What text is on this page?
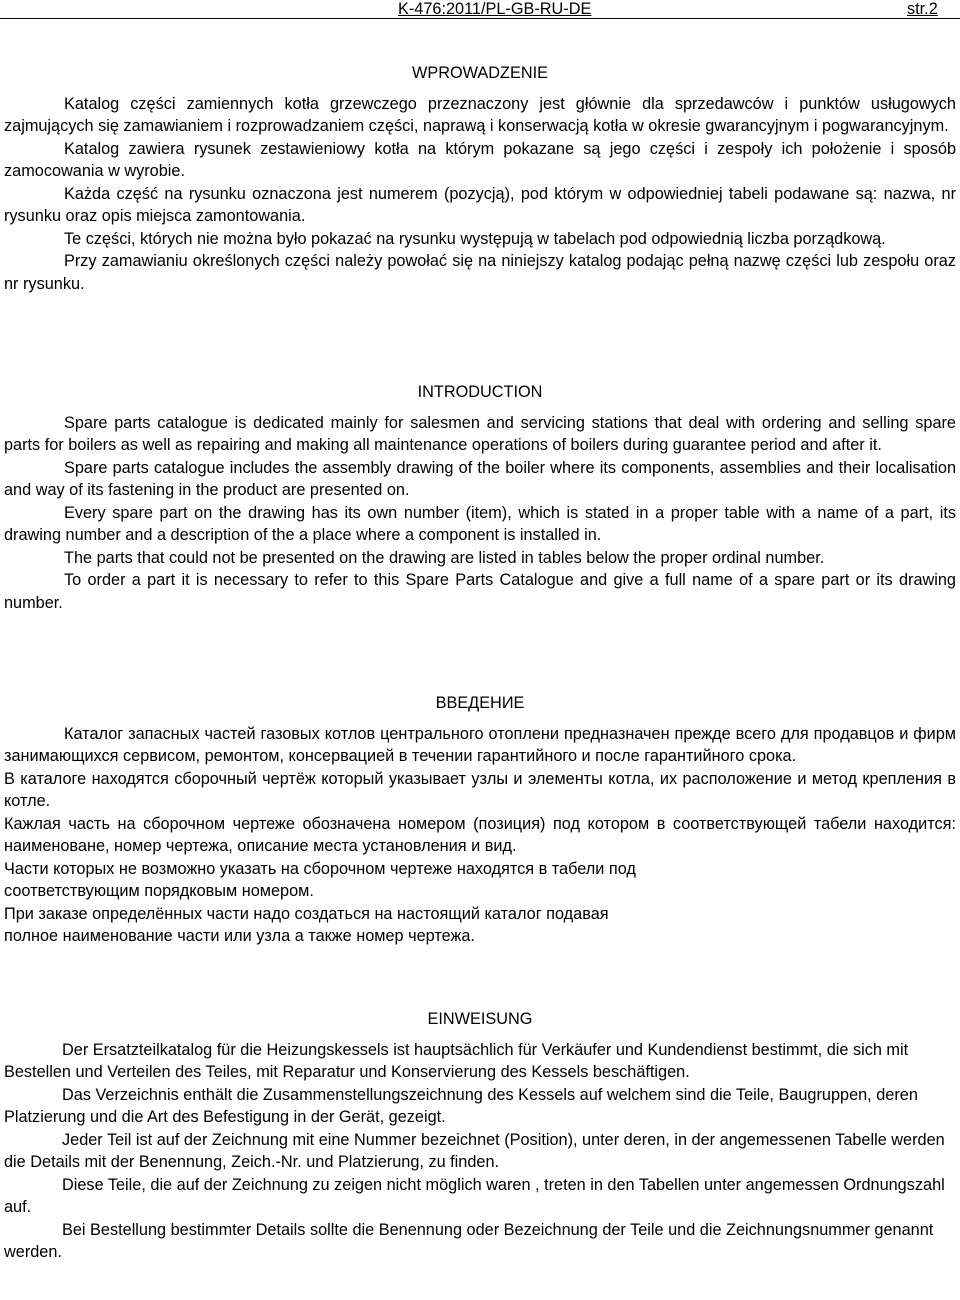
K-476:2011/PL-GB-RU-DE	str.2

WPROWADZENIE

Katalog części zamiennych kotła grzewczego przeznaczony jest głównie dla sprzedawców i punktów usługowych zajmujących się zamawianiem i rozprowadzaniem części, naprawą i konserwacją kotła w okresie gwarancyjnym i pogwarancyjnym.

Katalog zawiera rysunek zestawieniowy kotła na którym pokazane są jego części i zespoły ich położenie i sposób zamocowania w wyrobie.

Każda część na rysunku oznaczona jest numerem (pozycją), pod którym w odpowiedniej tabeli podawane są: nazwa, nr rysunku oraz opis miejsca zamontowania.

Te części, których nie można było pokazać na rysunku występują w tabelach pod odpowiednią liczba porządkową.

Przy zamawianiu określonych części należy powołać się na niniejszy katalog podając pełną nazwę części lub zespołu oraz nr rysunku.

INTRODUCTION

Spare parts catalogue is dedicated mainly for salesmen and servicing stations that deal with ordering and selling spare parts for boilers as well as repairing and making all maintenance operations of boilers during guarantee period and after it.

Spare parts catalogue includes the assembly drawing of the boiler where its components, assemblies and their localisation and way of its fastening in the product are presented on.

Every spare part on the drawing has its own number (item), which is stated in a proper table with a name of a part, its drawing number and a description of the a place where a component is installed in.

The parts that could not be presented on the drawing are listed in tables below the proper ordinal number.

To order a part it is necessary to refer to this Spare Parts Catalogue and give a full name of a spare part or its drawing number.

ВВЕДЕНИЕ

Каталог запасных частей газовых котлов центрального отоплени предназначен прежде всего для продавцов и фирм занимающихся сервисом, ремонтом, консервацией в течении гарантийного и после гарантийного срока.

В каталоге находятся сборочный чертёж который указывает узлы и элементы котла, их расположение и метод крепления в котле.

Кажлая часть на сборочном чертеже обозначена номером (позиция) под котором в соответствующей табели находится: наименоване, номер чертежа, описание места установления и вид.

Части которых не возможно указать на сборочном чертеже находятся в табели под

соответствующим порядковым номером.

При заказе определённых части надо создаться на настоящий каталог подавая

полное наименование части или узла а также номер чертежа.

EINWEISUNG

Der Ersatzteilkatalog für die Heizungskessels ist hauptsächlich für Verkäufer und Kundendienst bestimmt, die sich mit Bestellen und Verteilen des Teiles, mit Reparatur und Konservierung des Kessels beschäftigen.

Das Verzeichnis enthält die Zusammenstellungszeichnung des Kessels auf welchem sind die Teile, Baugruppen, deren Platzierung und die Art des Befestigung in der Gerät, gezeigt.

Jeder Teil ist auf der Zeichnung mit eine Nummer bezeichnet (Position), unter deren, in der angemessenen Tabelle werden die Details mit der Benennung, Zeich.-Nr. und Platzierung, zu finden.

Diese Teile, die auf der Zeichnung zu zeigen nicht möglich waren , treten in den Tabellen unter angemessen Ordnungszahl auf.

Bei Bestellung bestimmter Details sollte die Benennung oder Bezeichnung der Teile und die Zeichnungsnummer genannt werden.
